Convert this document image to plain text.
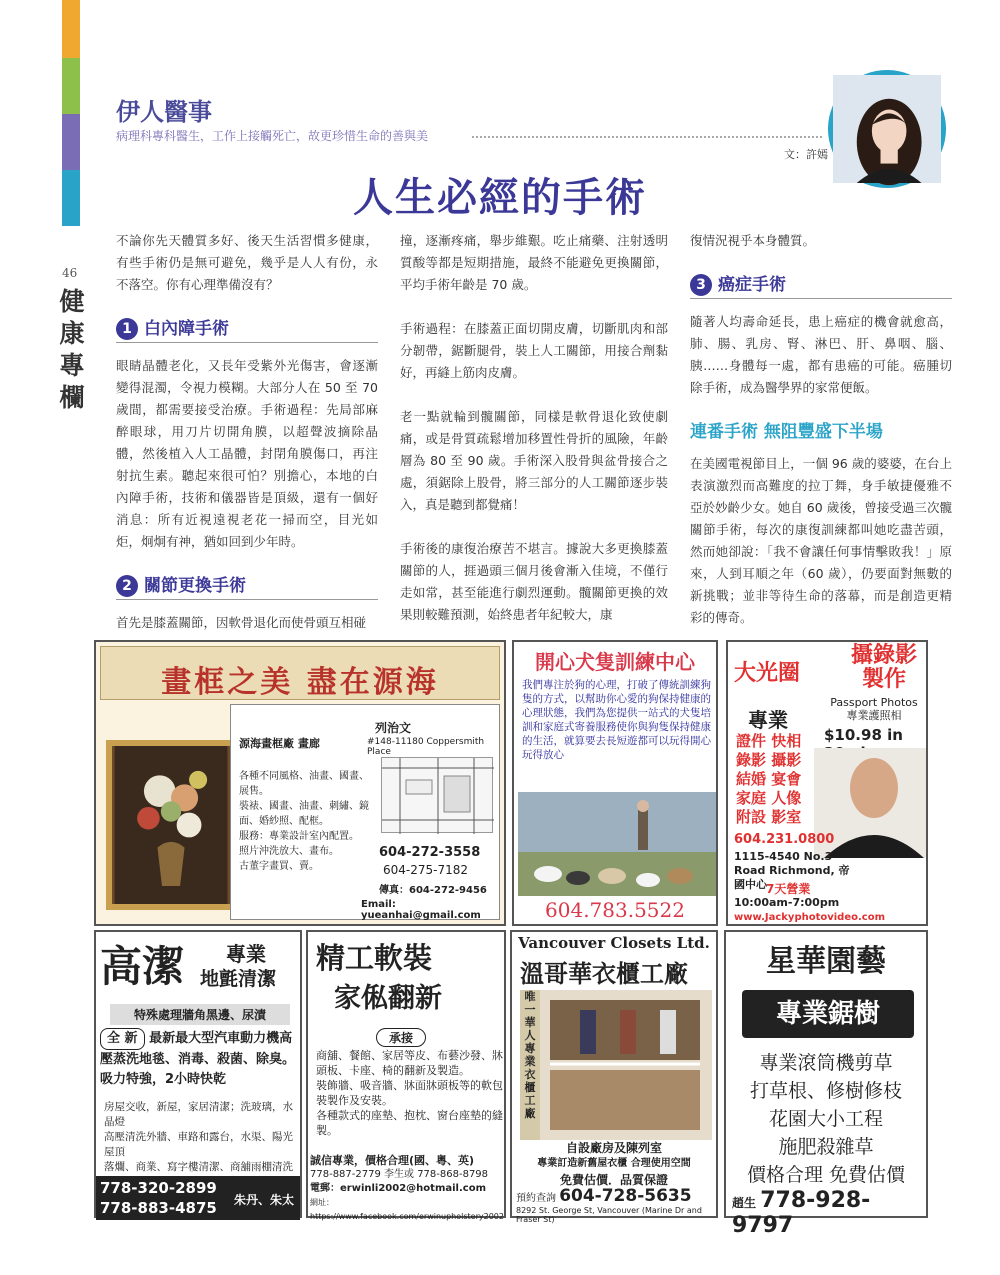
46
健康專欄
伊人醫事
病理科專科醫生，工作上接觸死亡，故更珍惜生命的善與美
文：許嫣
人生必經的手術

不論你先天體質多好、後天生活習慣多健康，有些手術仍是無可避免，幾乎是人人有份，永不落空。你有心理準備沒有？

1 白內障手術

眼睛晶體老化，又長年受紫外光傷害，會逐漸變得混濁，令視力模糊。大部分人在 50 至 70 歲間，都需要接受治療。手術過程：先局部麻醉眼球，用刀片切開角膜，以超聲波摘除晶體，然後植入人工晶體，封閉角膜傷口，再注射抗生素。聽起來很可怕？別擔心，本地的白內障手術，技術和儀器皆是頂級，還有一個好消息：所有近視遠視老花一掃而空，目光如炬，炯炯有神，猶如回到少年時。

2 關節更換手術

首先是膝蓋關節，因軟骨退化而使骨頭互相碰

撞，逐漸疼痛，舉步維艱。吃止痛藥、注射透明質酸等都是短期措施，最終不能避免更換關節，平均手術年齡是 70 歲。

手術過程：在膝蓋正面切開皮膚，切斷肌肉和部分韌帶，鋸斷腿骨，裝上人工關節，用接合劑黏好，再縫上筋肉皮膚。

老一點就輪到髖關節，同樣是軟骨退化致使劇痛，或是骨質疏鬆增加移置性骨折的風險，年齡層為 80 至 90 歲。手術深入股骨與盆骨接合之處，須鋸除上股骨，將三部分的人工關節逐步裝入，真是聽到都覺痛！

手術後的康復治療苦不堪言。據說大多更換膝蓋關節的人，捱過頭三個月後會漸入佳境，不僅行走如常，甚至能進行劇烈運動。髖關節更換的效果則較難預測，始終患者年紀較大，康

復情況視乎本身體質。

3 癌症手術

隨著人均壽命延長，患上癌症的機會就愈高，肺、腸、乳房、腎、淋巴、肝、鼻咽、腦、胰……身體每一處，都有患癌的可能。癌腫切除手術，成為醫學界的家常便飯。

連番手術 無阻豐盛下半場

在美國電視節目上，一個 96 歲的婆婆，在台上表演激烈而高難度的拉丁舞，身手敏捷優雅不亞於妙齡少女。她自 60 歲後，曾接受過三次髖關節手術，每次的康復訓練都叫她吃盡苦頭，然而她卻說：「我不會讓任何事情擊敗我！」原來，人到耳順之年（60 歲），仍要面對無數的新挑戰；並非等待生命的落幕，而是創造更精彩的傳奇。

畫框之美 盡在源海
源海畫框廠 畫廊
列治文
#148-11180 Coppersmith Place
各種不同風格、油畫、國畫、展售。
裝裱、國畫、油畫、刺繡、鏡面、婚紗照、配框。
服務：專業設計室內配置。
照片沖洗放大、畫布。
古董字畫買、賣。
604-272-3558
604-275-7182
傳真：604-272-9456
Email: yueanhai@gmail.com
開心犬隻訓練中心
我們專注於狗的心理，打破了傳統訓練狗隻的方式，以幫助你心愛的狗保持健康的心理狀態，我們為您提供一站式的犬隻培訓和家庭式寄養服務使你與狗隻保持健康的生活，就算要去長短遊都可以玩得開心玩得放心
604.783.5522
大光圈
攝錄影製作
Passport Photos 專業護照相
$10.98 in
專業
證件 快相
錄影 攝影
結婚 宴會
家庭 人像
附設 影室
604.231.0800
1115-4540 No.3 Road Richmond, 帝國中心 7天營業
10:00am-7:00pm
www.Jackyphotovideo.com
高潔 專業
地氈清潔
特殊處理牆角黑邊、尿漬
全 新 最新最大型汽車動力機高壓蒸洗地毯、消毒、殺菌、除臭。吸力特強，2小時快乾
房屋交收，新屋，家居清潔；洗玻璃，水晶燈
高壓清洗外牆、車路和露台，水渠、陽光屋頂
落爛、商業、寫字樓清潔、商舖雨棚清洗
778-320-2899
778-883-4875	朱丹、朱太
精工軟裝
家俬翻新
承接
商舖、餐館、家居等皮、布藝沙發、牀頭板、卡座、椅的翻新及製造。
裝飾牆、吸音牆、牀面牀頭板等的軟包裝製作及安裝。
各種款式的座墊、抱枕、窗台座墊的縫製。
誠信專業，價格合理(國、粵、英)
778-887-2779 李生或 778-868-8798
電郵：erwinli2002@hotmail.com
網址：https://www.facebook.com/erwinupholstery2002
Vancouver Closets Ltd.
溫哥華衣櫃工廠
唯一華人專業衣櫃工廠
自設廠房及陳列室
專業訂造新舊屋衣櫃 合理使用空間
免費估價．品質保證
預約查詢 604-728-5635
8292 St. George St, Vancouver (Marine Dr and Fraser St)
星華園藝
專業鋸樹
專業滾筒機剪草
打草根、修樹修枝
花園大小工程
施肥殺雜草
價格合理 免費估價
趙生 778-928-9797
